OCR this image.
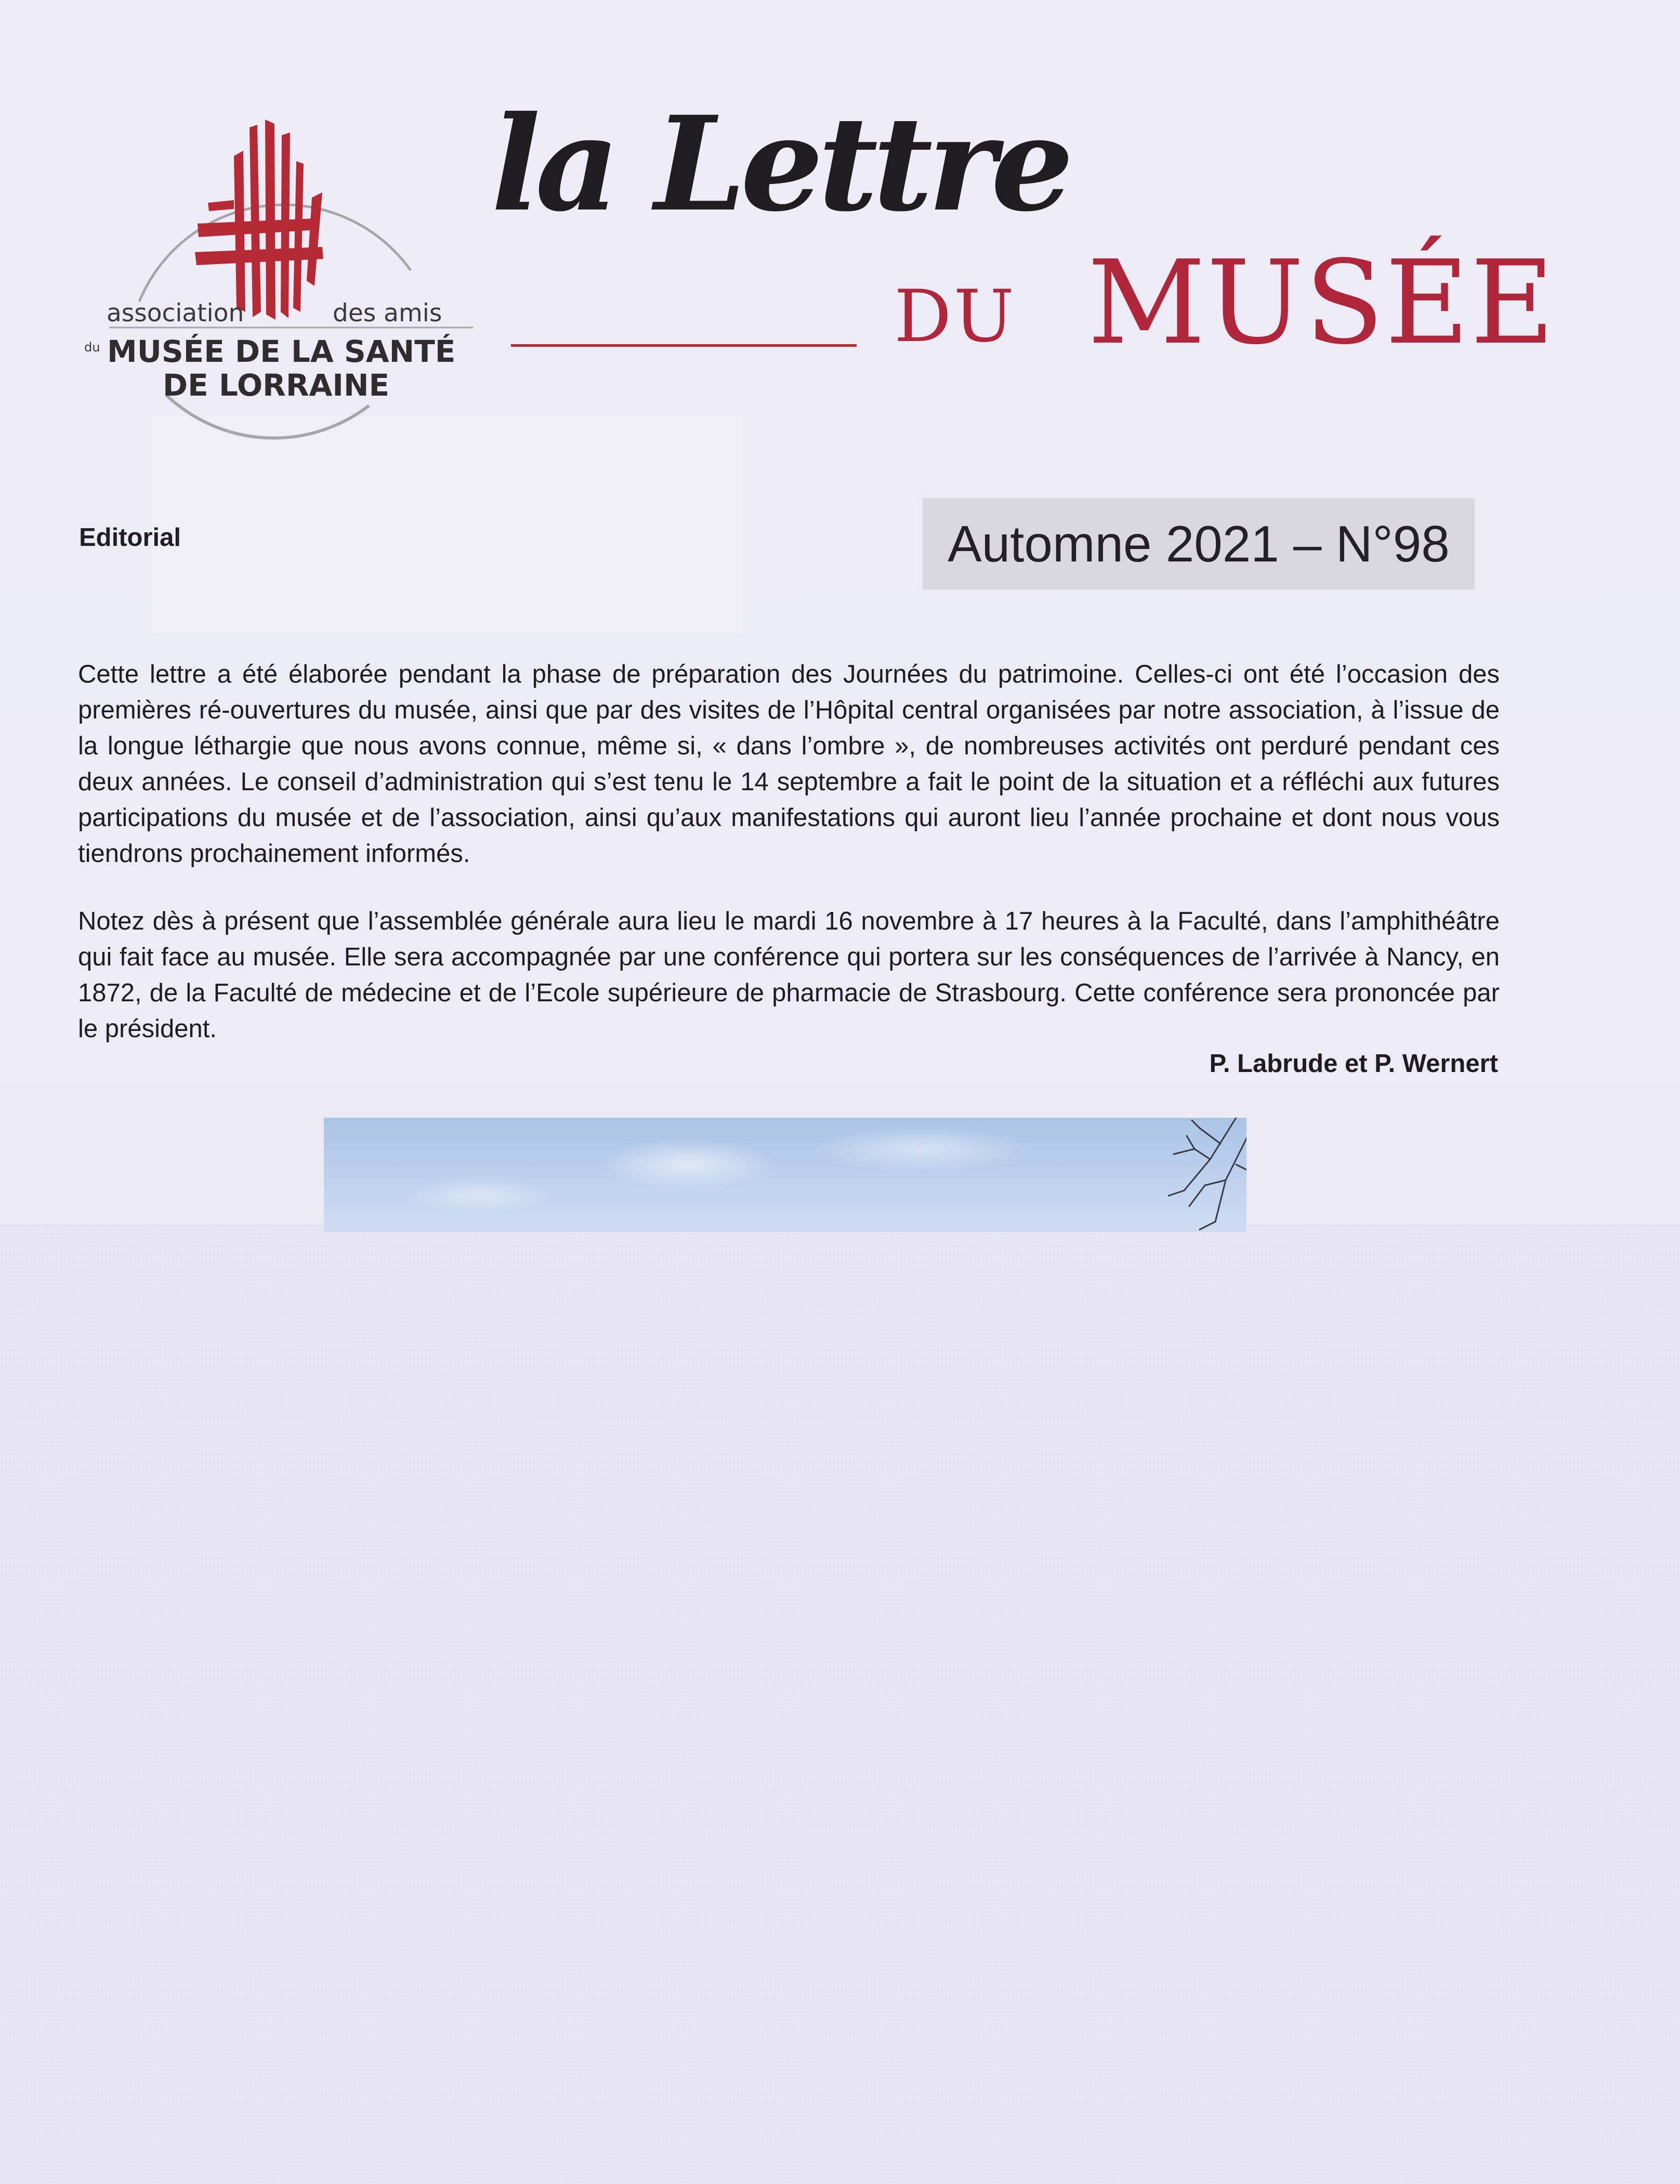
association	des amis
du MUSÉE DE LA SANTÉ
DE LORRAINE
la Lettre
DU MUSÉE
Editorial	Automne 2021 – N°98

Cette lettre a été élaborée pendant la phase de préparation des Journées du patrimoine. Celles-ci ont été l’occasion des premières ré-ouvertures du musée, ainsi que par des visites de l’Hôpital central organisées par notre association, à l’issue de la longue léthargie que nous avons connue, même si, « dans l’ombre », de nombreuses activités ont perduré pendant ces deux années. Le conseil d’administration qui s’est tenu le 14 septembre a fait le point de la situation et a réfléchi aux futures participations du musée et de l’association, ainsi qu’aux manifestations qui auront lieu l’année prochaine et dont nous vous tiendrons prochainement informés.

Notez dès à présent que l’assemblée générale aura lieu le mardi 16 novembre à 17 heures à la Faculté, dans l’amphithéâtre qui fait face au musée. Elle sera accompagnée par une conférence qui portera sur les conséquences de l’arrivée à Nancy, en 1872, de la Faculté de médecine et de l’Ecole supérieure de pharmacie de Strasbourg. Cette conférence sera prononcée par le président.

P. Labrude et P. Wernert
